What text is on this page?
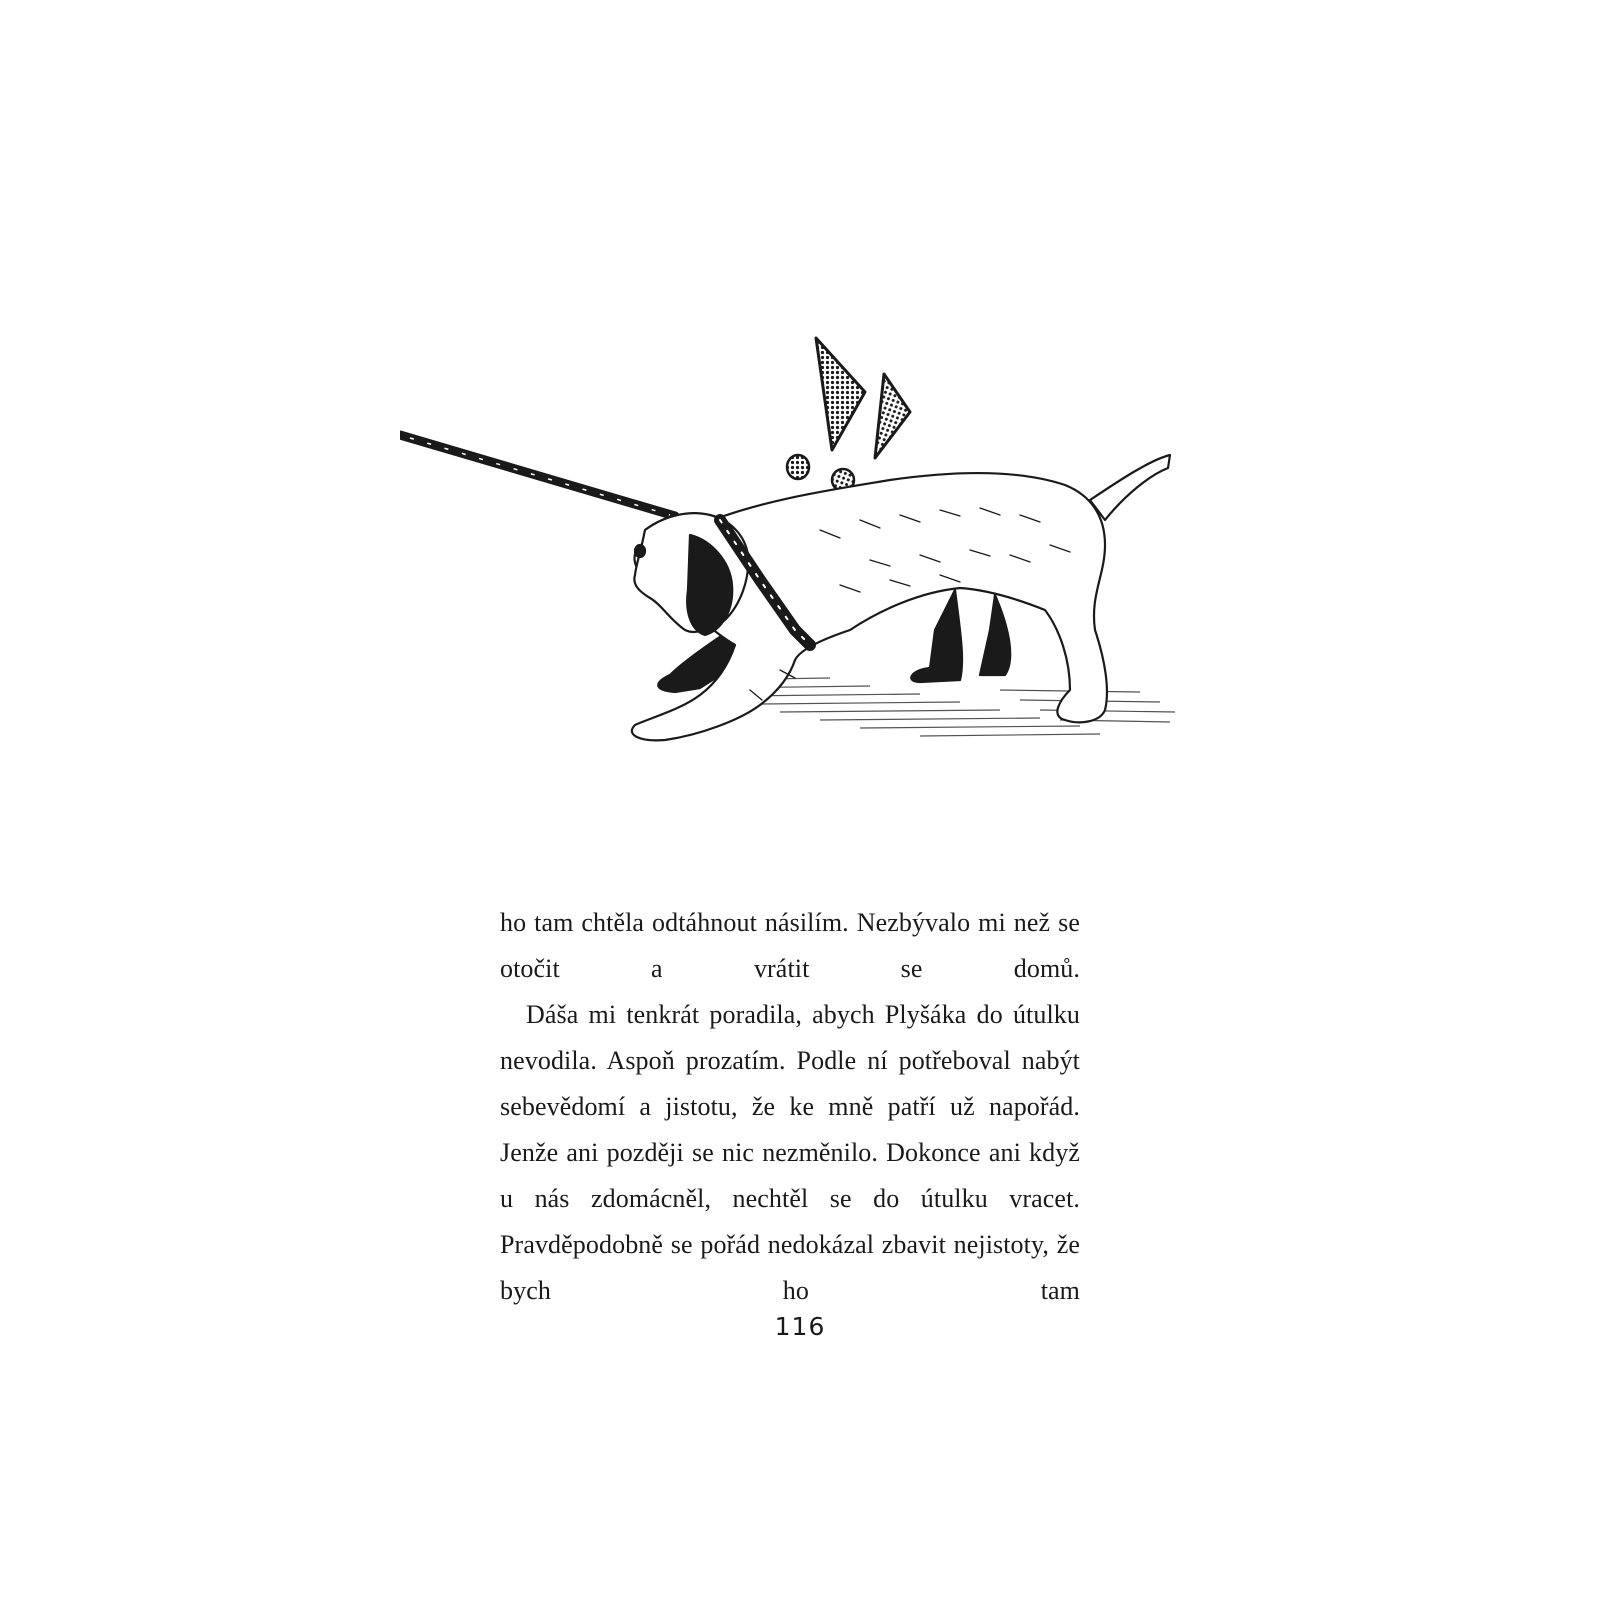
ho tam chtěla odtáhnout násilím. Nezbývalo mi než se otočit a vrátit se domů.

Dáša mi tenkrát poradila, abych Plyšáka do útulku nevodila. Aspoň prozatím. Podle ní potřeboval nabýt sebevědomí a jistotu, že ke mně patří už napořád. Jenže ani později se nic nezměnilo. Dokonce ani když u nás zdomácněl, nechtěl se do útulku vracet. Pravděpodobně se pořád nedokázal zbavit nejistoty, že bych ho tam

116
